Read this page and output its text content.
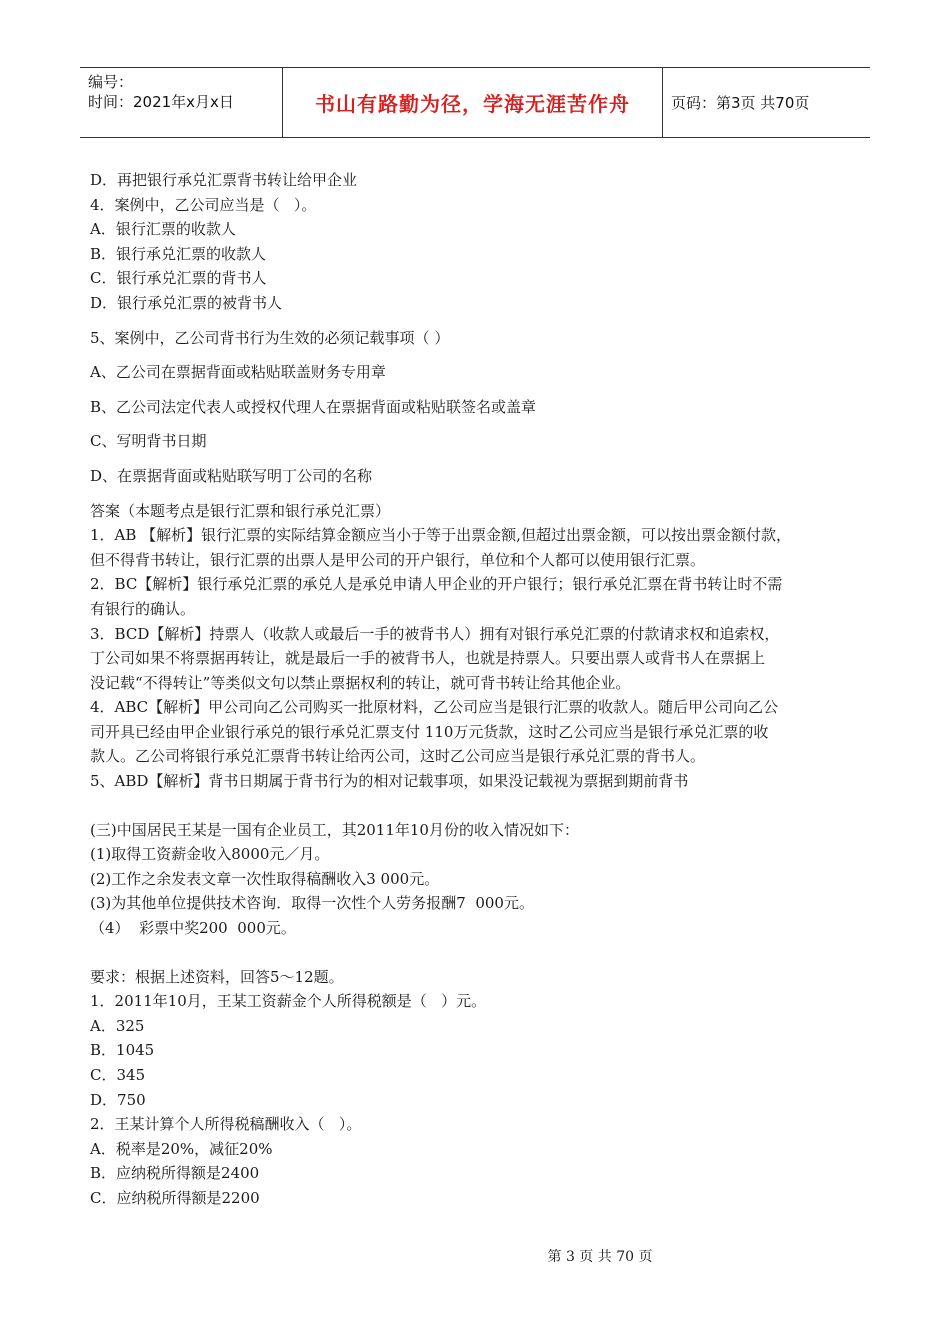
编号：
时间：2021年x月x日	书山有路勤为径，学海无涯苦作舟	页码：第3页 共70页

D．再把银行承兑汇票背书转让给甲企业

4．案例中，乙公司应当是（   ）。

A．银行汇票的收款人

B．银行承兑汇票的收款人

C．银行承兑汇票的背书人

D．银行承兑汇票的被背书人

5、案例中，乙公司背书行为生效的必须记载事项（ ）

A、乙公司在票据背面或粘贴联盖财务专用章

B、乙公司法定代表人或授权代理人在票据背面或粘贴联签名或盖章

C、写明背书日期

D、在票据背面或粘贴联写明丁公司的名称

答案（本题考点是银行汇票和银行承兑汇票）

1．AB 【解析】银行汇票的实际结算金额应当小于等于出票金额,但超过出票金额，可以按出票金额付款，

但不得背书转让，银行汇票的出票人是甲公司的开户银行，单位和个人都可以使用银行汇票。

2．BC【解析】银行承兑汇票的承兑人是承兑申请人甲企业的开户银行；银行承兑汇票在背书转让时不需

有银行的确认。

3．BCD【解析】持票人（收款人或最后一手的被背书人）拥有对银行承兑汇票的付款请求权和追索权，

丁公司如果不将票据再转让，就是最后一手的被背书人，也就是持票人。只要出票人或背书人在票据上

没记载“不得转让”等类似文句以禁止票据权利的转让，就可背书转让给其他企业。

4．ABC【解析】甲公司向乙公司购买一批原材料，乙公司应当是银行汇票的收款人。随后甲公司向乙公

司开具已经由甲企业银行承兑的银行承兑汇票支付 110万元货款，这时乙公司应当是银行承兑汇票的收

款人。乙公司将银行承兑汇票背书转让给丙公司，这时乙公司应当是银行承兑汇票的背书人。

5、ABD【解析】背书日期属于背书行为的相对记载事项，如果没记载视为票据到期前背书

(三)中国居民王某是一国有企业员工，其2011年10月份的收入情况如下：

(1)取得工资薪金收入8000元／月。

(2)工作之余发表文章一次性取得稿酬收入3 000元。

(3)为其他单位提供技术咨询．取得一次性个人劳务报酬7  000元。

（4）  彩票中奖200  000元。

要求：根据上述资料，回答5～12题。

1．2011年10月，王某工资薪金个人所得税额是（   ）元。

A．325

B．1045

C．345

D．750

2．王某计算个人所得税稿酬收入（   ）。

A．税率是20%，减征20%

B．应纳税所得额是2400

C．应纳税所得额是2200

第 3 页 共 70 页
